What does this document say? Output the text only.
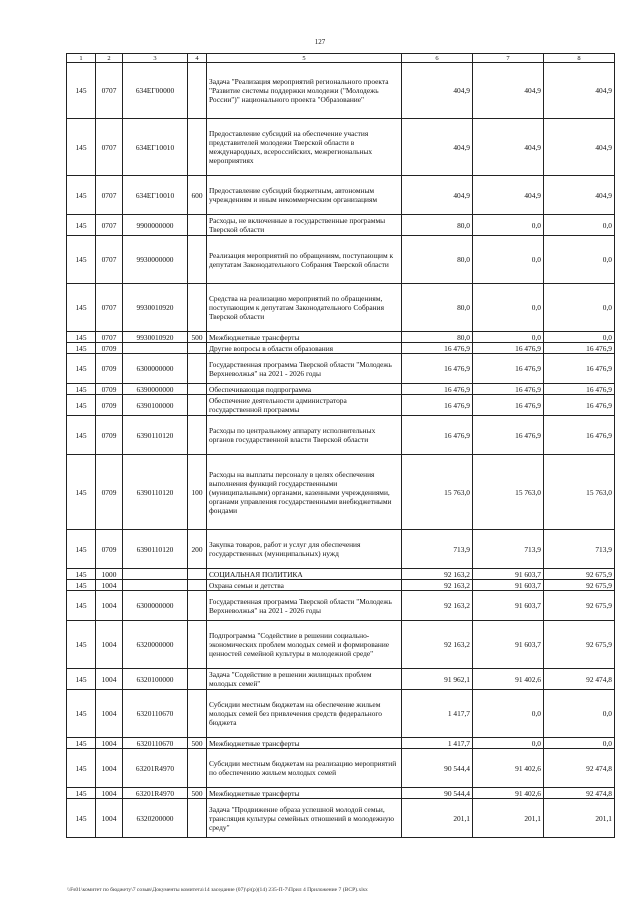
127
1	2	3	4	5	6	7	8
145	0707	634EГ00000		Задача "Реализация мероприятий регионального проекта "Развитие системы поддержки молодежи ("Молодежь России")" национального проекта "Образование"	404,9	404,9	404,9
145	0707	634EГ10010		Предоставление субсидий на обеспечение участия представителей молодежи Тверской области в международных, всероссийских, межрегиональных мероприятиях	404,9	404,9	404,9
145	0707	634EГ10010	600	Предоставление субсидий бюджетным, автономным учреждениям и иным некоммерческим организациям	404,9	404,9	404,9
145	0707	9900000000		Расходы, не включенные в государственные программы Тверской области	80,0	0,0	0,0
145	0707	9930000000		Реализация мероприятий по обращениям, поступающим к депутатам Законодательного Собрания Тверской области	80,0	0,0	0,0
145	0707	9930010920		Средства на реализацию мероприятий по обращениям, поступающим к депутатам Законодательного Собрания Тверской области	80,0	0,0	0,0
145	0707	9930010920	500	Межбюджетные трансферты	80,0	0,0	0,0
145	0709			Другие вопросы в области образования	16 476,9	16 476,9	16 476,9
145	0709	6300000000		Государственная программа Тверской области "Молодежь Верхневолжья" на 2021 - 2026 годы	16 476,9	16 476,9	16 476,9
145	0709	6390000000		Обеспечивающая подпрограмма	16 476,9	16 476,9	16 476,9
145	0709	6390100000		Обеспечение деятельности администратора государственной программы	16 476,9	16 476,9	16 476,9
145	0709	6390110120		Расходы по центральному аппарату исполнительных органов государственной власти Тверской области	16 476,9	16 476,9	16 476,9
145	0709	6390110120	100	Расходы на выплаты персоналу в целях обеспечения выполнения функций государственными (муниципальными) органами, казенными учреждениями, органами управления государственными внебюджетными фондами	15 763,0	15 763,0	15 763,0
145	0709	6390110120	200	Закупка товаров, работ и услуг для обеспечения государственных (муниципальных) нужд	713,9	713,9	713,9
145	1000			СОЦИАЛЬНАЯ ПОЛИТИКА	92 163,2	91 603,7	92 675,9
145	1004			Охрана семьи и детства	92 163,2	91 603,7	92 675,9
145	1004	6300000000		Государственная программа Тверской области "Молодежь Верхневолжья" на 2021 - 2026 годы	92 163,2	91 603,7	92 675,9
145	1004	6320000000		Подпрограмма "Содействие в решении социально-экономических проблем молодых семей и формирование ценностей семейной культуры в молодежной среде"	92 163,2	91 603,7	92 675,9
145	1004	6320100000		Задача "Содействие в решении жилищных проблем молодых семей"	91 962,1	91 402,6	92 474,8
145	1004	6320110670		Субсидии местным бюджетам на обеспечение жильем молодых семей без привлечения средств федерального бюджета	1 417,7	0,0	0,0
145	1004	6320110670	500	Межбюджетные трансферты	1 417,7	0,0	0,0
145	1004	63201R4970		Субсидии местным бюджетам на реализацию мероприятий по обеспечению жильем молодых семей	90 544,4	91 402,6	92 474,8
145	1004	63201R4970	500	Межбюджетные трансферты	90 544,4	91 402,6	92 474,8
145	1004	6320200000		Задача "Продвижение образа успешной молодой семьи, трансляция культуры семейных отношений в молодежную среду"	201,1	201,1	201,1
\\Fs01\комитет по бюджету\7 созыв\Документы комитета\14 заседание (07)\р\(р)(14) 235-П-7\Прил 4 Приложение 7 (ВСР).xlsx
